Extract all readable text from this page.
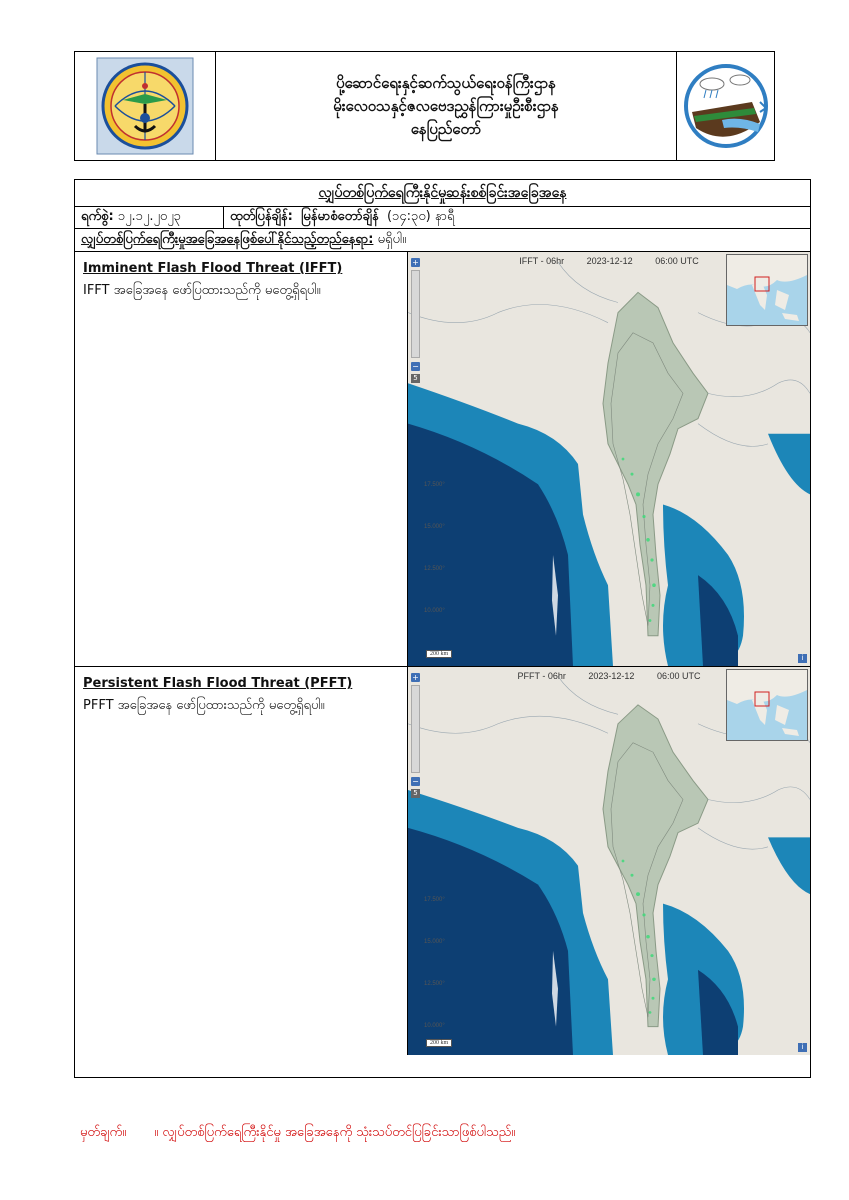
ပို့ဆောင်ရေးနှင့်ဆက်သွယ်ရေးဝန်ကြီးဌာန
မိုးလေဝသနှင့်ဇလဗေဒညွှန်ကြားမှုဦးစီးဌာန
နေပြည်တော်
လျှပ်တစ်ပြက်ရေကြီးနိုင်မှုဆန်းစစ်ခြင်းအခြေအနေ
ရက်စွဲ:
၁၂.၁၂.၂၀၂၃	ထုတ်ပြန်ချိန်: မြန်မာစံတော်ချိန် (၁၄:၃၀) နာရီ
လျှပ်တစ်ပြက်ရေကြီးမှုအခြေအနေဖြစ်ပေါ်နိုင်သည့်တည်နေရာ:
မရှိပါ။
Imminent Flash Flood Threat (IFFT)
IFFT အခြေအနေ ဖော်ပြထားသည်ကို မတွေ့ရှိရပါ။
IFFT - 06hr	2023-12-12	06:00 UTC
+
−
5
17.500°
15.000°
12.500°
10.000°
200 km	i
Persistent Flash Flood Threat (PFFT)
PFFT အခြေအနေ ဖော်ပြထားသည်ကို မတွေ့ရှိရပါ။
PFFT - 06hr	2023-12-12	06:00 UTC
+
−
5
17.500°
15.000°
12.500°
10.000°
200 km	i
မှတ်ချက်။ ။ လျှပ်တစ်ပြက်ရေကြီးနိုင်မှု အခြေအနေကို သုံးသပ်တင်ပြခြင်းသာဖြစ်ပါသည်။
